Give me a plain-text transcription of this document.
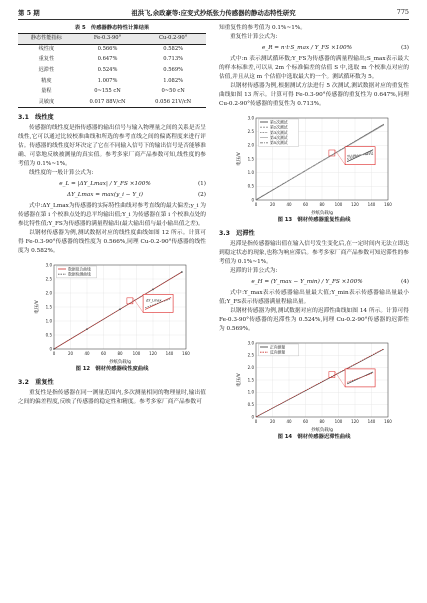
第 5 期	祖洪飞,余政豪等:应变式抄纸张力传感器的静动态特性研究	775
表 5　传感器静态特性计算结果
静态性能指标	Fe-0.3-90°	Cu-0.2-90°
线性度	0.566%	0.582%
重复性	0.647%	0.713%
迟滞性	0.524%	0.569%
精度	1.007%	1.082%
量程	0~155 cN	0~50 cN
灵敏度	0.017 88V/cN	0.056 21V/cN
3.1　线性度

传感器的线性度是指传感器的输出信号与输入物理量之间的关系是否呈线性,它可以通过比较校准曲线和所选的参考直线之间的偏离程度来进行评估。传感器的线性度好坏决定了它在不同输入信号下的输出信号是否能够准确、可靠地反映被测量的真实值。参考多家厂商产品参数可知,线性度的参考值为 0.1%~1%。

线性度的一般计算公式为:

e_L = |ΔY_Lmax| / Y_FS ×100%	(1)
ΔY_Lmax = max(y_i − Y_i)	(2)

式中:ΔY_Lmax为传感器的实际特性曲线对参考直线的最大偏差;y_i 为传感器在第 i 个校准点处的总平均输出值;Y_i 为传感器在第 i 个校准点处的参比特性值;Y_FS为传感器的满量程输出(最大输出值与最小输出值之差)。

以钢材传感器为例,测试数据对应的线性度曲线如图 12 所示。计算可得 Fe-0.3-90°传感器的线性度为 0.566%,同理 Cu-0.2-90°传感器的线性度为 0.582%。

0	20	40	60	80	100 120 140 160
0
0.5
1.0
1.5
2.0
2.5
3.0
抄纸负载/g
电压/V
数据拟合曲线
数据检测曲线
ΔY_Lmax
图 12　钢材传感器线性度曲线
3.2　重复性

重复性是指传感器在同一测量范围内,多次测量相同的物理量时,输出值之间的偏差程度,反映了传感器的稳定性和精度。参考多家厂商产品参数可

知重复性的参考值为 0.1%~1%。

重复性计算公式为:

e_R = n·t·S_max / Y_FS ×100%	(3)

式中:n 表示测试循环数;Y_FS为传感器的满量程输出;S_max表示最大的样本标准差,可以从 2m 个标准偏差的估值 S 中,选取 m 个校准点对应的估值,并且从这 m 个估值中选取最大的一个。测试循环数为 5。

以钢材传感器为例,根据测试方法进行 5 次测试,测试数据对应的重复性曲线如图 13 所示。计算可得 Fe-0.3-90°传感器的重复性为 0.647%,同理 Cu-0.2-90°传感器的重复性为 0.713%。

0	20	40	60	80	100 120 140 160
0
0.5
1.0
1.5
2.0
2.5
3.0
抄纸负载/g
电压/V
第1次测试
第2次测试
第3次测试
第4次测试
第5次测试
图 13　钢材传感器重复性曲线
3.3　迟滞性

迟滞是指传感器输出值在输入信号发生变化后,在一定时间内无法立即达到稳定状态的现象,也称为响应滞后。参考多家厂商产品参数可知迟滞性的参考值为 0.1%~1%。

迟滞的计算公式为:

e_H = (Y_max − Y_min) / Y_FS ×100%	(4)

式中:Y_max表示传感器输出量最大值;Y_min表示传感器输出量最小值;Y_FS表示传感器满量程输出量。

以钢材传感器为例,测试数据对应的迟滞性曲线如图 14 所示。计算可得 Fe-0.3-90°传感器的迟滞性为 0.524%,同理 Cu-0.2-90°传感器的迟滞性为 0.569%。

0	20	40	60	80	100 120 140 160
0
0.5
1.0
1.5
2.0
2.5
3.0
抄纸负载/g
电压/V
正向测量
反向测量
图 14　钢材传感器迟滞性曲线
